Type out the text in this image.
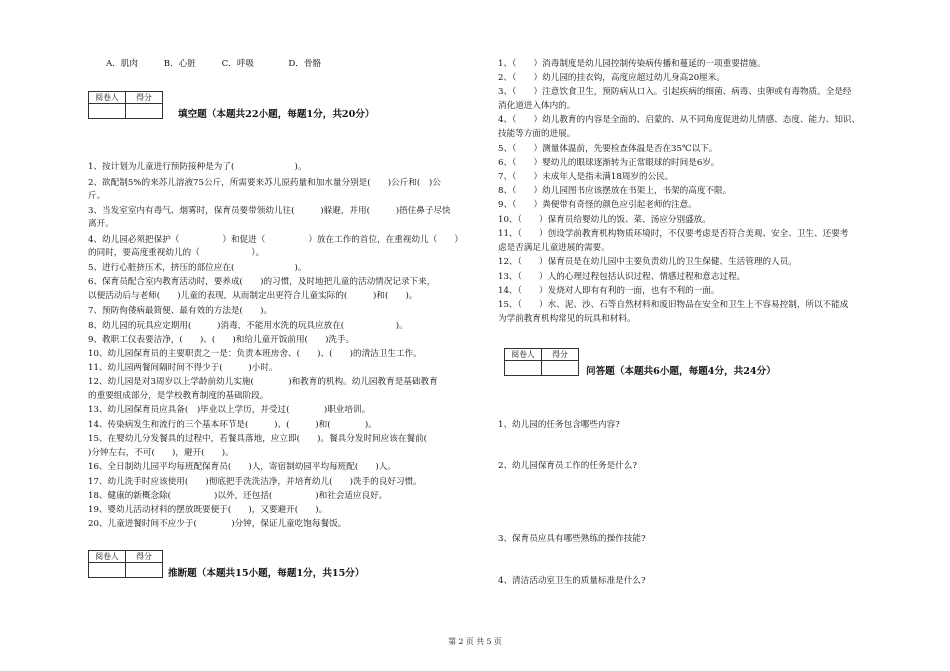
A．肌肉　　　B．心脏　　　C．呼吸　　　　D．骨骼
阅卷人	得分

填空题（本题共22小题，每题1分，共20分）
1、按计划为儿童进行预防接种是为了(　　　　　　　)。
2、欲配制5%的来苏儿溶液75公斤，所需要来苏儿原药量和加水量分别是(　　)公斤和(　)公
斤。
3、当发室室内有毒气、烟雾时，保育员要带领幼儿往(　　　)躲避，并用(　　　)捂住鼻子尽快
离开。
4、幼儿园必须把保护（　　　　　）和促进（　　　　　）放在工作的首位，在重视幼儿（　　）
的同时，要高度重视幼儿的（　　　　　　）。
5、进行心脏挤压术，挤压的部位应在(　　　　　　　)。
6、保育员配合室内教育活动时，要养成(　　)的习惯，及时地把儿童的活动情况记录下来，
以便活动后与老师(　　)儿童的表现，从而制定出更符合儿童实际的(　　　)和(　　)。
7、预防佝偻病最简便、最有效的方法是(　　)。
8、幼儿园的玩具应定期用(　　　)消毒，不能用水洗的玩具应放在(　　　　　　)。
9、教职工仪表要洁净，(　　)、(　　)和给儿童开饭前用(　　)洗手。
10、幼儿园保育员的主要职责之一是：负责本班房舍、(　　)、(　　)的清洁卫生工作。
11、幼儿园两餐间隔时间不得少于(　　　)小时。
12、幼儿园是对3周岁以上学龄前幼儿实施(　　　　)和教育的机构。幼儿园教育是基础教育
的重要组成部分，是学校教育制度的基础阶段。
13、幼儿园保育员应具备(　)毕业以上学历，并受过(　　　　)职业培训。
14、传染病发生和流行的三个基本环节是(　　　)、(　　　)和(　　　　)。
15、在婴幼儿分发餐具的过程中，若餐具落地，应立即(　　)。餐具分发时间应该在餐前(　　
)分钟左右，不可(　　)，避开(　　)。
16、全日制幼儿园平均每班配保育员(　　)人，寄宿制幼园平均每班配(　　)人。
17、幼儿洗手时应该使用(　　)彻底把手洗洗洁净，并培育幼儿(　　)洗手的良好习惯。
18、健康的新概念除(　　　　　)以外，还包括(　　　　　)和社会适应良好。
19、婴幼儿活动材料的摆放既要便于(　　)，又要避开(　　)。
20、儿童进餐时间不应少于(　　　　)分钟，保证儿童吃饱每餐饭。
阅卷人	得分

推断题（本题共15小题，每题1分，共15分）
1、（　　）消毒制度是幼儿园控制传染病传播和蔓延的一项重要措施。
2、（　　）幼儿园的挂衣钩，高度应超过幼儿身高20厘米。
3、（　　）注意饮食卫生，预防病从口入。引起疾病的细菌、病毒、虫卵或有毒物质。全是经
消化道进入体内的。
4、（　　）幼儿教育的内容是全面的、启蒙的、从不同角度促进幼儿情感、态度、能力、知识、
技能等方面的进展。
5、（　　）测量体温前，先要检查体温是否在35℃以下。
6、（　　）婴幼儿的眼球逐渐转为正常眼球的时间是6岁。
7、（　　）未成年人是指未满18周岁的公民。
8、（　　）幼儿园图书应该摆放在书架上，书架的高度不限。
9、（　　）粪便带有奇怪的颜色应引起老师的注意。
10、（　　）保育员给婴幼儿的饭、菜、汤应分别盛放。
11、（　　）创设学前教育机构物质环境时，不仅要考虑是否符合美观、安全、卫生、还要考
虑是否满足儿童进展的需要。
12、（　　）保育员是在幼儿园中主要负责幼儿的卫生保健、生活管理的人员。
13、（　　）人的心理过程包括认识过程、情感过程和意志过程。
14、（　　）发烧对人即有有利的一面，也有不利的一面。
15、（　　）水、泥、沙、石等自然材料和废旧物品在安全和卫生上不容易控制，所以不能成
为学前教育机构常见的玩具和材料。
阅卷人	得分

问答题（本题共6小题，每题4分，共24分）
1、幼儿园的任务包含哪些内容?
2、幼儿园保育员工作的任务是什么?
3、保育员应具有哪些熟练的操作技能?
4、清洁活动室卫生的质量标准是什么?
第 2 页 共 5 页
